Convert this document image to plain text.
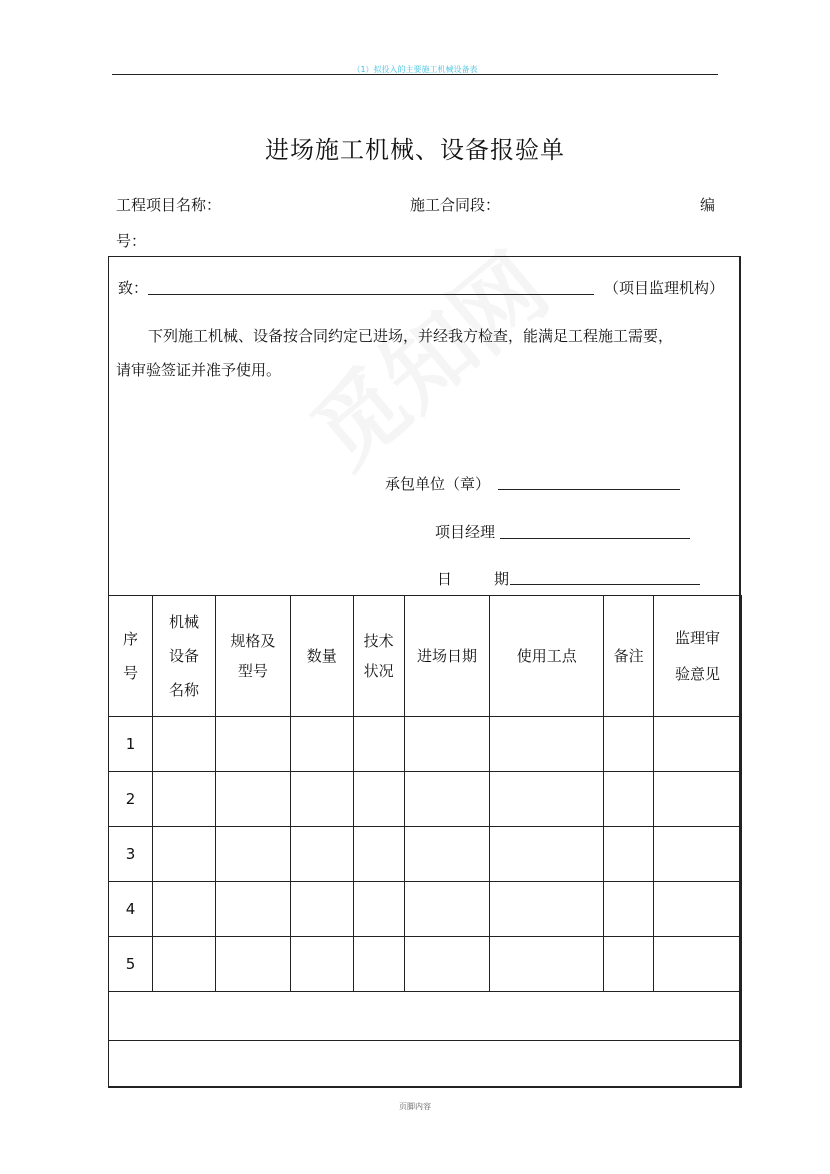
（1）拟投入的主要施工机械设备表
进场施工机械、设备报验单
工程项目名称：	施工合同段：	编
号：
致：	（项目监理机构）
下列施工机械、设备按合同约定已进场，并经我方检查，能满足工程施工需要，
请审验签证并准予使用。
承包单位（章）
项目经理
日	期
序号	机械设备名称	规格及型号	数量	技术状况	进场日期	使用工点	备注	监理审验意见
1								
2								
3								
4								
5								

页脚内容
